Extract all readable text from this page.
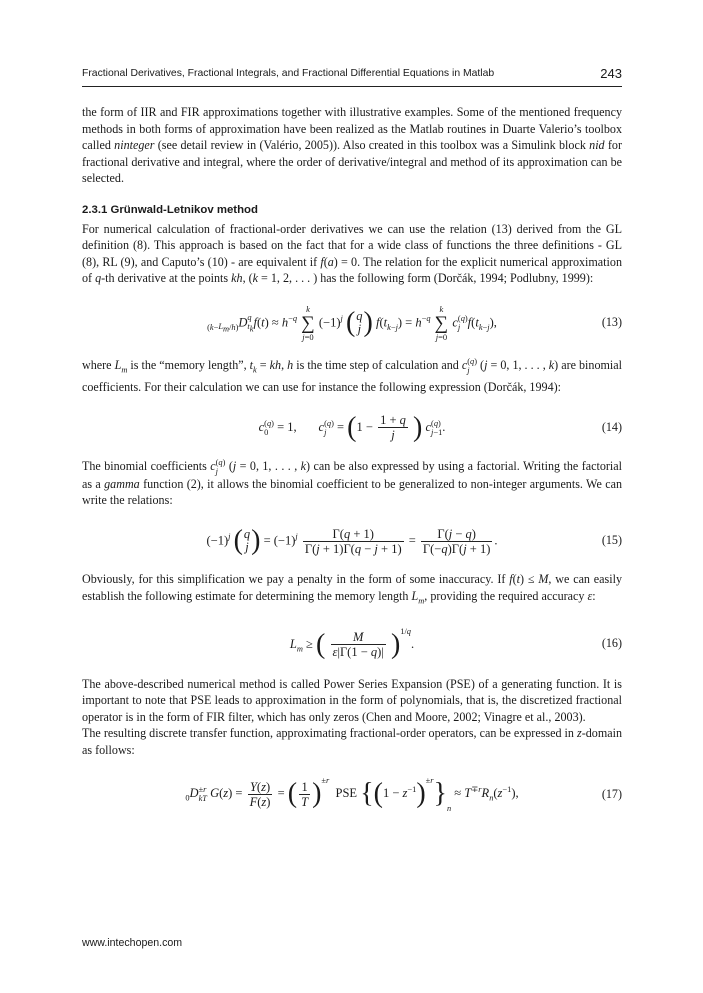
Fractional Derivatives, Fractional Integrals, and Fractional Differential Equations in Matlab	243

the form of IIR and FIR approximations together with illustrative examples. Some of the mentioned frequency methods in both forms of approximation have been realized as the Matlab routines in Duarte Valerio’s toolbox called ninteger (see detail review in (Valério, 2005)). Also created in this toolbox was a Simulink block nid for fractional derivative and integral, where the order of derivative/integral and method of its approximation can be selected.

2.3.1 Grünwald-Letnikov method

For numerical calculation of fractional-order derivatives we can use the relation (13) derived from the GL definition (8). This approach is based on the fact that for a wide class of functions the three definitions - GL (8), RL (9), and Caputo’s (10) - are equivalent if f(a) = 0. The relation for the explicit numerical approximation of q-th derivative at the points kh, (k = 1, 2, . . . ) has the following form (Dorčák, 1994; Podlubny, 1999):

$_{(k-L_m/h)}$D q
$t_k$ $f(t) \approx h^{-q}$
k
∑
j=0
$(-1)^j$ ( q
j ) $f(t_{k-j}) = h^{-q}$
k
∑
j=0
c (q)
j $f(t_{k-j})$,	(13)

where $L_m$ is the “memory length”, $t_k$ = kh, h is the time step of calculation and c (q)
j (j = 0, 1, . . . , k) are binomial coefficients. For their calculation we can use for instance the following expression (Dorčák, 1994):

c (q)
0 = 1,       c (q)
$j = (1 - \frac{1 + q}{j}$ ) c (q)
j−1 .	(14)

The binomial coefficients c (q)
j (j = 0, 1, . . . , k) can be also expressed by using a factorial. Writing the factorial as a gamma function (2), it allows the binomial coefficient to be generalized to non-integer arguments. We can write the relations:

$(-1)^j$ ( q
j ) = $(-1)^j \frac{\Gamma(q + 1)}{\Gamma(j + 1)\Gamma(q - j + 1)} = \frac{\Gamma(j - q)}{\Gamma(-q)\Gamma(j + 1)}$ .	(15)

Obviously, for this simplification we pay a penalty in the form of some inaccuracy. If f(t) ≤ M, we can easily establish the following estimate for determining the memory length $L_m$, providing the required accuracy ε:

$L_m$ ≥ ( $\frac{M}{\varepsilon|\Gamma(1 - q)|} )^{1/q}$.	(16)

The above-described numerical method is called Power Series Expansion (PSE) of a generating function. It is important to note that PSE leads to approximation in the form of polynomials, that is, the discretized fractional operator is in the form of FIR filter, which has only zeros (Chen and Moore, 2002; Vinagre et al., 2003).

The resulting discrete transfer function, approximating fractional-order operators, can be expressed in z-domain as follows:

$_0$D ±r
kT $G(z) = \frac{Y(z)}{F(z)}$ = ( $\frac{1}{T} )^{\pm r}$  PSE $\{(1 - z^{-1})^{\pm r}\}_n \approx T^{\mp r}R_n(z^{-1})$,	(17)
www.intechopen.com
